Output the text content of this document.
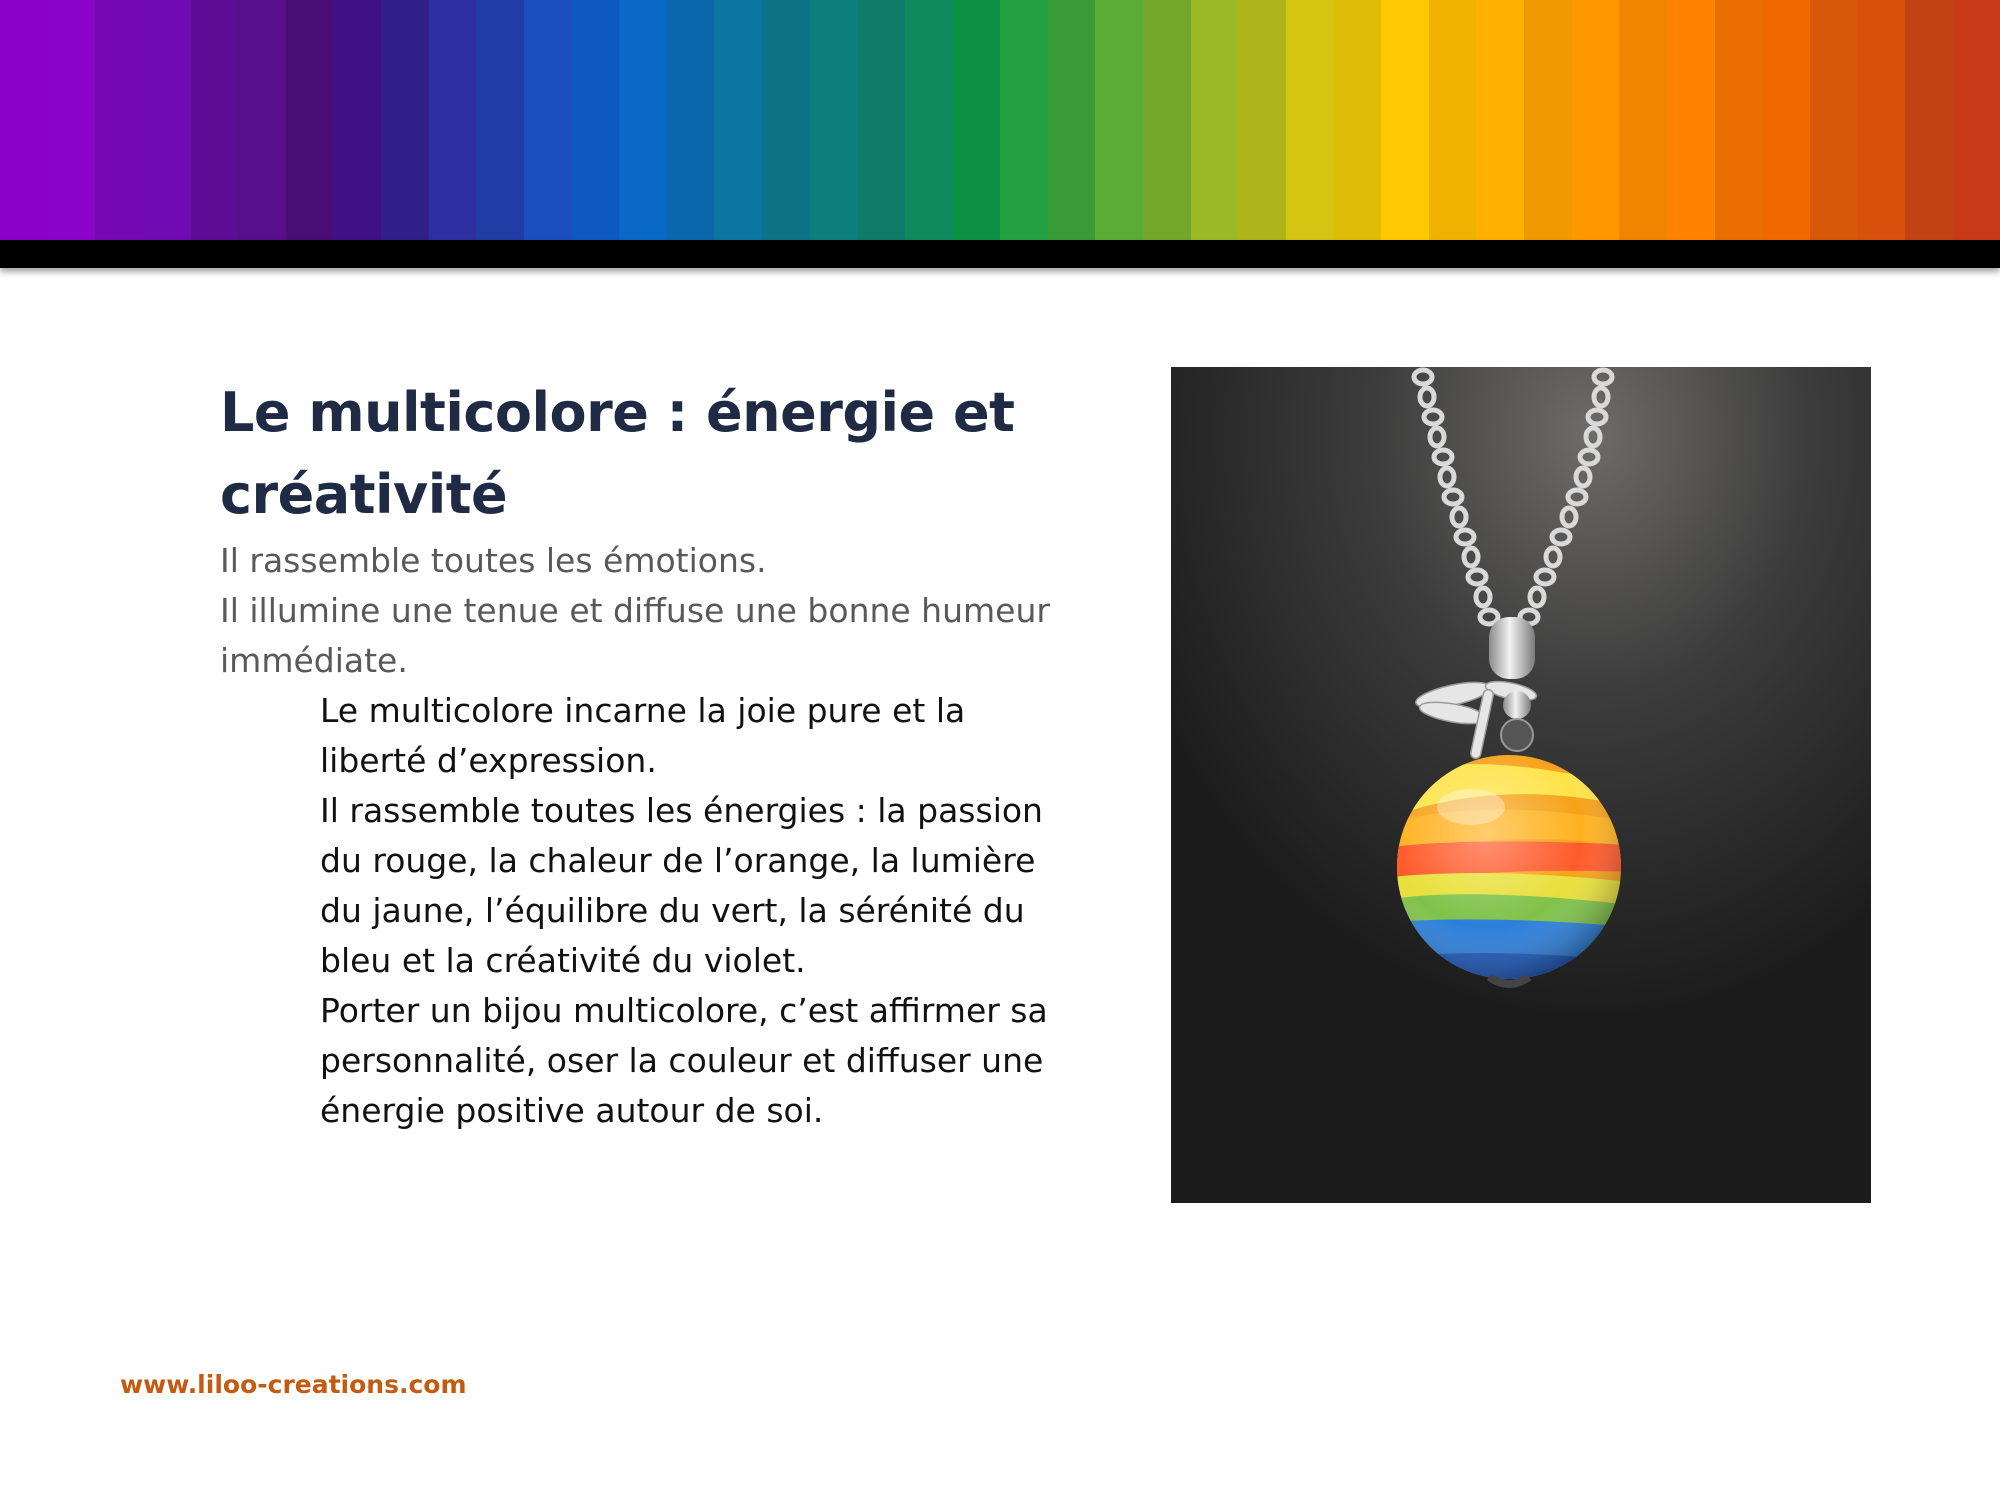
Le multicolore : énergie et
créativité

Il rassemble toutes les émotions.

Il illumine une tenue et diffuse une bonne humeur

immédiate.

Le multicolore incarne la joie pure et la

liberté d’expression.

Il rassemble toutes les énergies : la passion

du rouge, la chaleur de l’orange, la lumière

du jaune, l’équilibre du vert, la sérénité du

bleu et la créativité du violet.

Porter un bijou multicolore, c’est affirmer sa

personnalité, oser la couleur et diffuser une

énergie positive autour de soi.

www.liloo-creations.com
